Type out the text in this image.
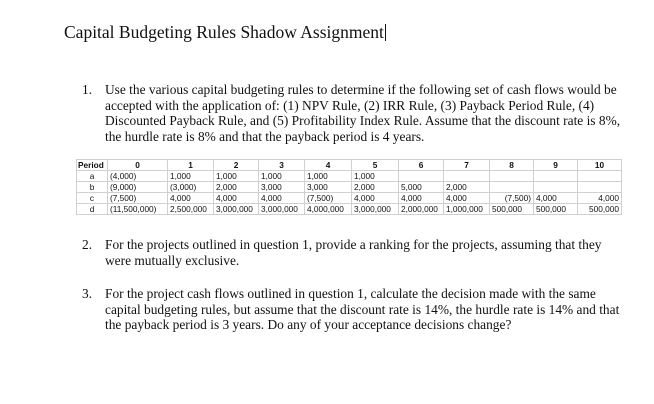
Capital Budgeting Rules Shadow Assignment
1. Use the various capital budgeting rules to determine if the following set of cash flows would be accepted with the application of: (1) NPV Rule, (2) IRR Rule, (3) Payback Period Rule, (4) Discounted Payback Rule, and (5) Profitability Index Rule. Assume that the discount rate is 8%, the hurdle rate is 8% and that the payback period is 4 years.
Period	0	1	2	3	4	5	6	7	8	9	10
a	(4,000)	1,000	1,000	1,000	1,000	1,000					
b	(9,000)	(3,000)	2,000	3,000	3,000	2,000	5,000	2,000			
c	(7,500)	4,000	4,000	4,000	(7,500)	4,000	4,000	4,000	(7,500)	4,000	4,000
d	(11,500,000)	2,500,000	3,000,000	3,000,000	4,000,000	3,000,000	2,000,000	1,000,000	500,000	500,000	500,000
2. For the projects outlined in question 1, provide a ranking for the projects, assuming that they were mutually exclusive.
3. For the project cash flows outlined in question 1, calculate the decision made with the same capital budgeting rules, but assume that the discount rate is 14%, the hurdle rate is 14% and that the payback period is 3 years. Do any of your acceptance decisions change?
